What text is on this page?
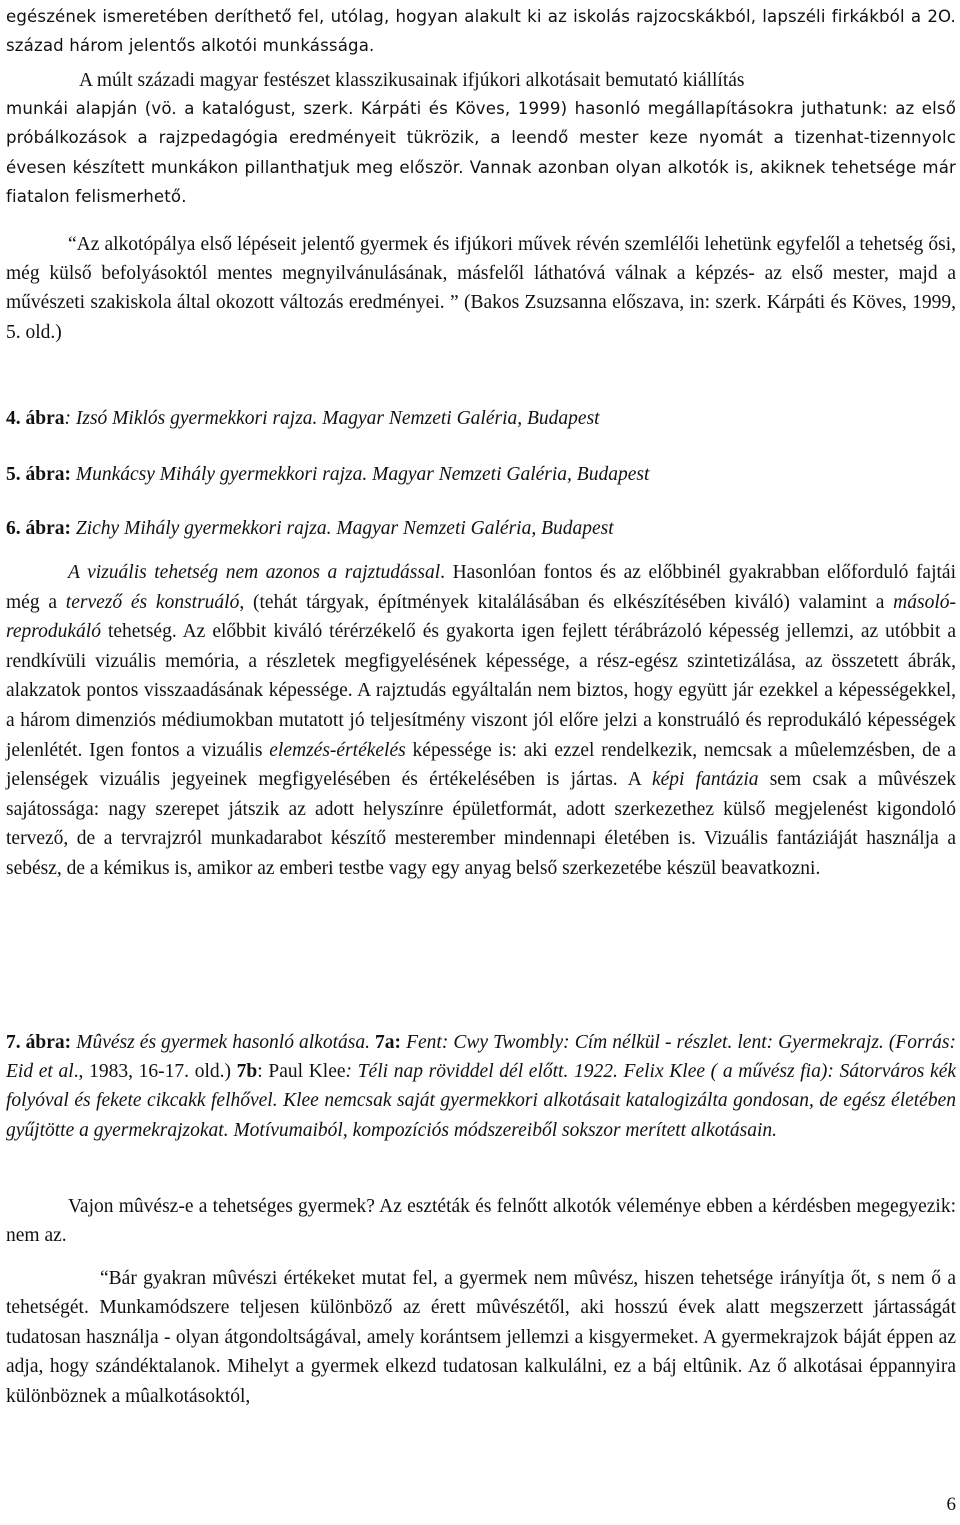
egészének ismeretében deríthető fel, utólag, hogyan alakult ki az iskolás rajzocskákból, lapszéli firkákból a 2O. század három jelentős alkotói munkássága.

A múlt századi magyar festészet klasszikusainak ifjúkori alkotásait bemutató kiállítás
munkái alapján (vö. a katalógust, szerk. Kárpáti és Köves, 1999) hasonló megállapításokra juthatunk: az első próbálkozások a rajzpedagógia eredményeit tükrözik, a leendő mester keze nyomát a tizenhat-tizennyolc évesen készített munkákon pillanthatjuk meg először. Vannak azonban olyan alkotók is, akiknek tehetsége már fiatalon felismerhető.

“Az alkotópálya első lépéseit jelentő gyermek és ifjúkori művek révén szemlélői lehetünk egyfelől a tehetség ősi, még külső befolyásoktól mentes megnyilvánulásának, másfelől láthatóvá válnak a képzés- az első mester, majd a művészeti szakiskola által okozott változás eredményei. ” (Bakos Zsuzsanna előszava, in: szerk. Kárpáti és Köves, 1999, 5. old.)

4. ábra: Izsó Miklós gyermekkori rajza. Magyar Nemzeti Galéria, Budapest

5. ábra: Munkácsy Mihály gyermekkori rajza. Magyar Nemzeti Galéria, Budapest

6. ábra: Zichy Mihály gyermekkori rajza. Magyar Nemzeti Galéria, Budapest

A vizuális tehetség nem azonos a rajztudással. Hasonlóan fontos és az előbbinél gyakrabban előforduló fajtái még a tervező és konstruáló, (tehát tárgyak, építmények kitalálásában és elkészítésében kiváló) valamint a másoló-reprodukáló tehetség. Az előbbit kiváló térérzékelő és gyakorta igen fejlett térábrázoló képesség jellemzi, az utóbbit a rendkívüli vizuális memória, a részletek megfigyelésének képessége, a rész-egész szintetizálása, az összetett ábrák, alakzatok pontos visszaadásának képessége. A rajztudás egyáltalán nem biztos, hogy együtt jár ezekkel a képességekkel, a három dimenziós médiumokban mutatott jó teljesítmény viszont jól előre jelzi a konstruáló és reprodukáló képességek jelenlétét. Igen fontos a vizuális elemzés-értékelés képessége is: aki ezzel rendelkezik, nemcsak a mûelemzésben, de a jelenségek vizuális jegyeinek megfigyelésében és értékelésében is jártas. A képi fantázia sem csak a mûvészek sajátossága: nagy szerepet játszik az adott helyszínre épületformát, adott szerkezethez külső megjelenést kigondoló tervező, de a tervrajzról munkadarabot készítő mesterember mindennapi életében is. Vizuális fantáziáját használja a sebész, de a kémikus is, amikor az emberi testbe vagy egy anyag belső szerkezetébe készül beavatkozni.

7. ábra: Mûvész és gyermek hasonló alkotása. 7a: Fent: Cwy Twombly: Cím nélkül - részlet. lent: Gyermekrajz. (Forrás: Eid et al., 1983, 16-17. old.) 7b: Paul Klee: Téli nap röviddel dél előtt. 1922. Felix Klee ( a művész fia): Sátorváros kék folyóval és fekete cikcakk felhővel. Klee nemcsak saját gyermekkori alkotásait katalogizálta gondosan, de egész életében gyűjtötte a gyermekrajzokat. Motívumaiból, kompozíciós módszereiből sokszor merített alkotásain.

Vajon mûvész-e a tehetséges gyermek? Az esztéták és felnőtt alkotók véleménye ebben a kérdésben megegyezik: nem az.

“Bár gyakran mûvészi értékeket mutat fel, a gyermek nem mûvész, hiszen tehetsége irányítja őt, s nem ő a tehetségét. Munkamódszere teljesen különböző az érett mûvészétől, aki hosszú évek alatt megszerzett jártasságát tudatosan használja - olyan átgondoltságával, amely korántsem jellemzi a kisgyermeket. A gyermekrajzok báját éppen az adja, hogy szándéktalanok. Mihelyt a gyermek elkezd tudatosan kalkulálni, ez a báj eltûnik. Az ő alkotásai éppannyira különböznek a mûalkotásoktól,

6
